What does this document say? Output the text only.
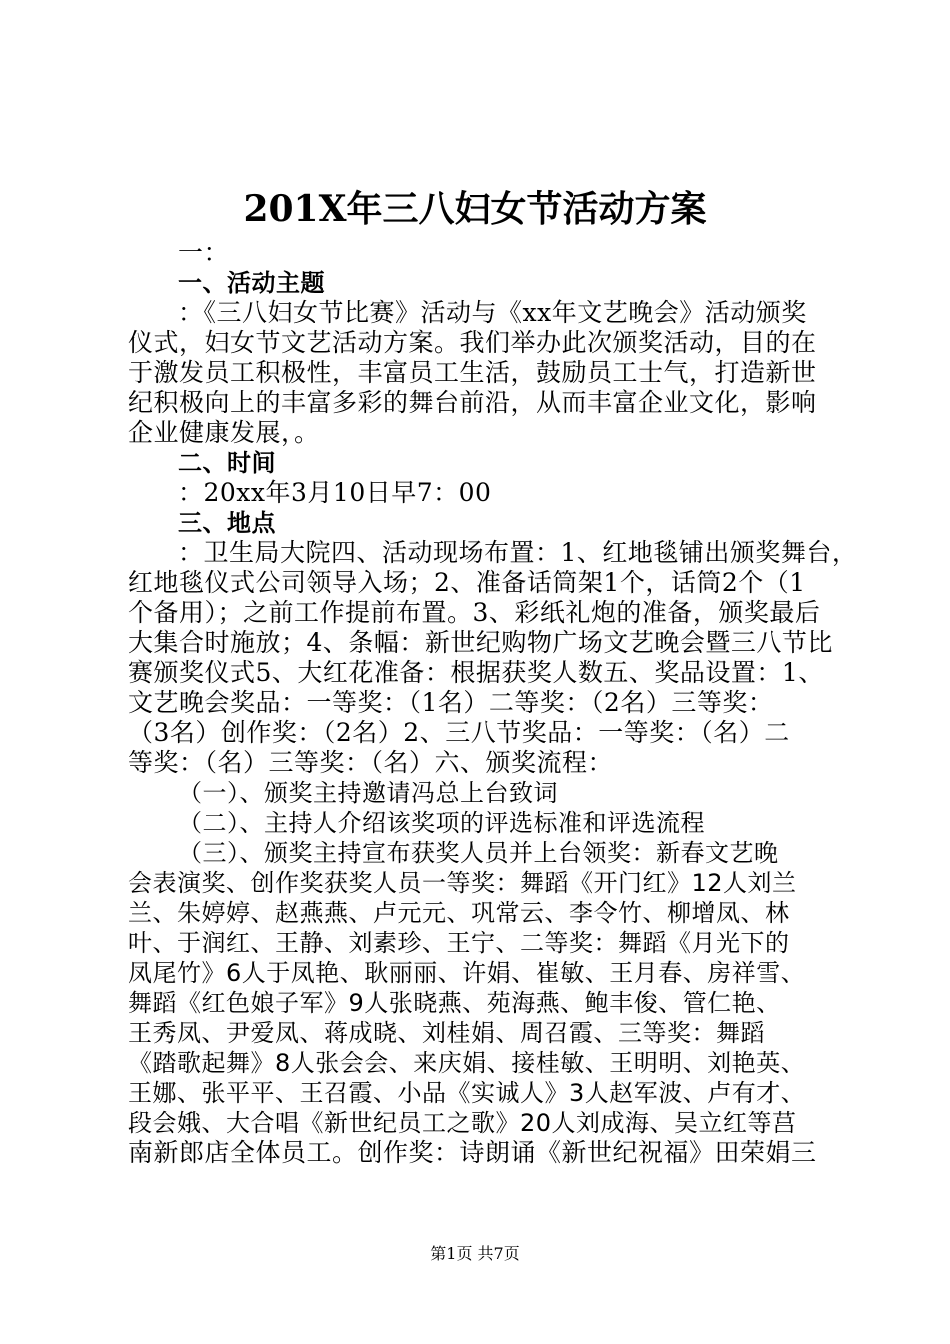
201X年三八妇女节活动方案
一：
一、活动主题
：《三八妇女节比赛》活动与《xx年文艺晚会》活动颁奖
仪式，妇女节文艺活动方案。我们举办此次颁奖活动，目的在
于激发员工积极性，丰富员工生活，鼓励员工士气，打造新世
纪积极向上的丰富多彩的舞台前沿，从而丰富企业文化，影响
企业健康发展，。
二、时间
：20xx年3月10日早7：00
三、地点
：卫生局大院四、活动现场布置：1、红地毯铺出颁奖舞台，
红地毯仪式公司领导入场；2、准备话筒架1个，话筒2个（1
个备用）；之前工作提前布置。3、彩纸礼炮的准备，颁奖最后
大集合时施放；4、条幅：新世纪购物广场文艺晚会暨三八节比
赛颁奖仪式5、大红花准备：根据获奖人数五、奖品设置：1、
文艺晚会奖品：一等奖：（1名）二等奖：（2名）三等奖：
（3名）创作奖：（2名）2、三八节奖品：一等奖：（名）二
等奖：（名）三等奖：（名）六、颁奖流程：
（一）、颁奖主持邀请冯总上台致词
（二）、主持人介绍该奖项的评选标准和评选流程
（三）、颁奖主持宣布获奖人员并上台领奖：新春文艺晚
会表演奖、创作奖获奖人员一等奖：舞蹈《开门红》12人刘兰
兰、朱婷婷、赵燕燕、卢元元、巩常云、李令竹、柳增凤、林
叶、于润红、王静、刘素珍、王宁、二等奖：舞蹈《月光下的
凤尾竹》6人于凤艳、耿丽丽、许娟、崔敏、王月春、房祥雪、
舞蹈《红色娘子军》9人张晓燕、苑海燕、鲍丰俊、管仁艳、
王秀凤、尹爱凤、蒋成晓、刘桂娟、周召霞、三等奖：舞蹈
《踏歌起舞》8人张会会、来庆娟、接桂敏、王明明、刘艳英、
王娜、张平平、王召霞、小品《实诚人》3人赵军波、卢有才、
段会娥、大合唱《新世纪员工之歌》20人刘成海、吴立红等莒
南新郎店全体员工。创作奖：诗朗诵《新世纪祝福》田荣娟三
第1页 共7页
